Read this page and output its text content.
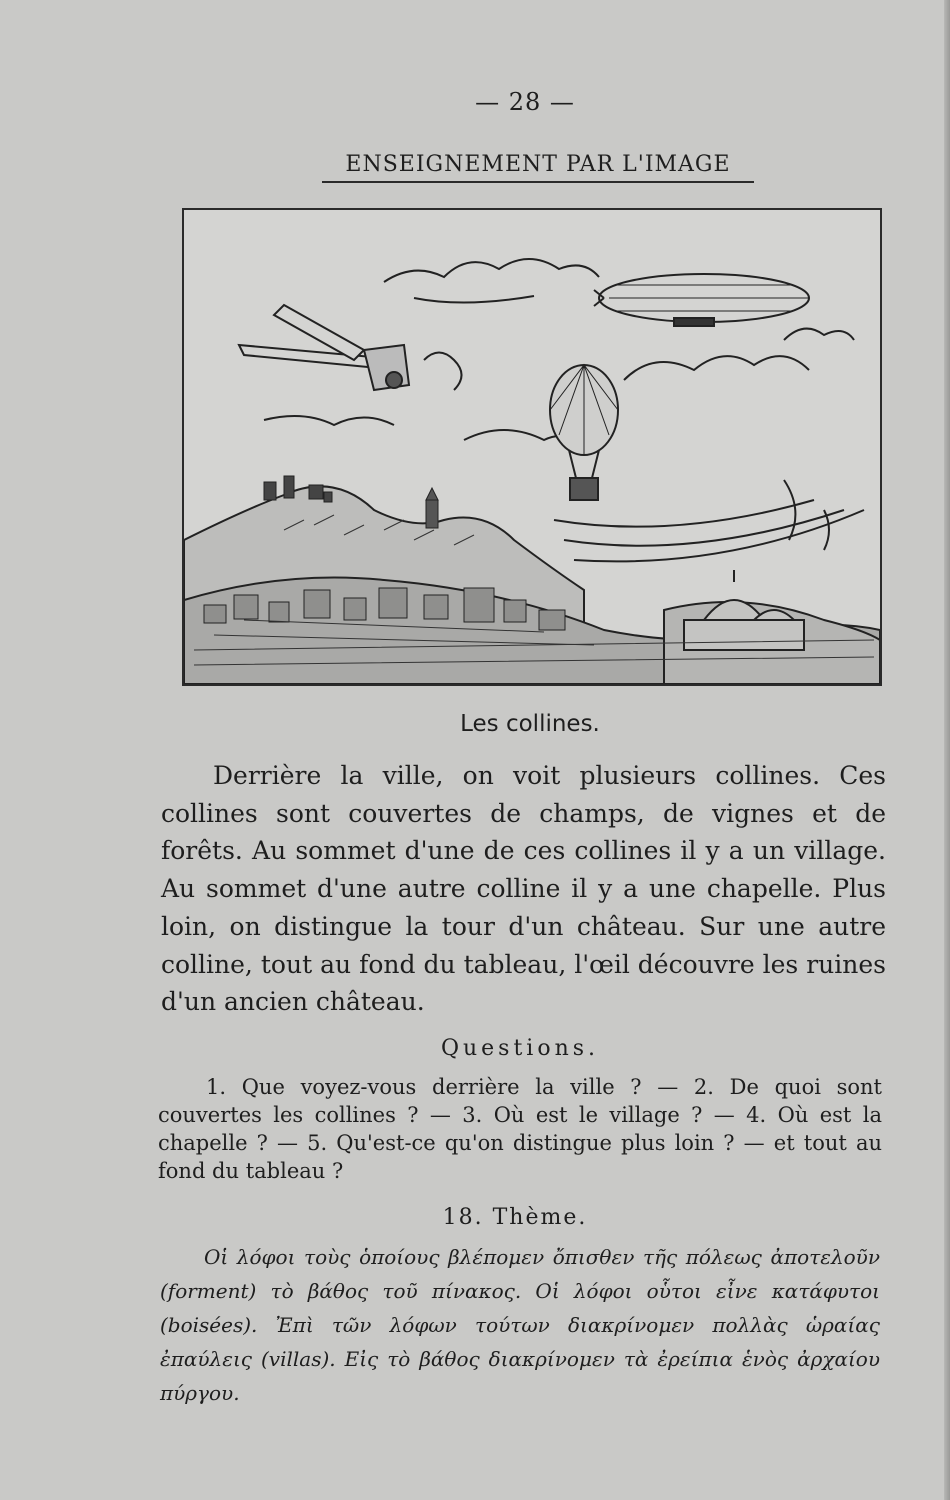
— 28 —
ENSEIGNEMENT PAR L'IMAGE
Les collines.

Derrière la ville, on voit plusieurs collines. Ces collines sont couvertes de champs, de vignes et de forêts. Au sommet d'une de ces collines il y a un village. Au sommet d'une autre colline il y a une chapelle. Plus loin, on distingue la tour d'un château. Sur une autre colline, tout au fond du tableau, l'œil découvre les ruines d'un ancien château.

Questions.

1. Que voyez-vous derrière la ville ? — 2. De quoi sont couvertes les collines ? — 3. Où est le village ? — 4. Où est la chapelle ? — 5. Qu'est-ce qu'on distingue plus loin ? — et tout au fond du tableau ?

18. Thème.

Οἱ λόφοι τοὺς ὁποίους βλέπομεν ὄπισθεν τῆς πόλεως ἀποτελοῦν (forment) τὸ βάθος τοῦ πίνακος. Οἱ λόφοι οὗτοι εἶνε κατάφυτοι (boisées). Ἐπὶ τῶν λόφων τούτων διακρίνομεν πολλὰς ὡραίας ἐπαύλεις (villas). Εἰς τὸ βάθος διακρίνομεν τὰ ἐρείπια ἑνὸς ἀρχαίου πύργου.
